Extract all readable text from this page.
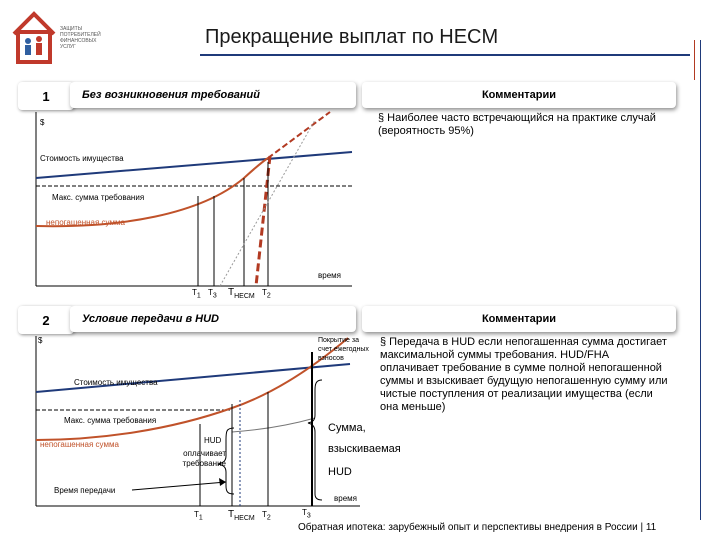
ЗАЩИТЫ
ПОТРЕБИТЕЛЕЙ
ФИНАНСОВЫХ
УСЛУГ	Прекращение выплат по HECM
1	Без возникновения требований	Комментарии
$
Стоимость имущества
Макс. сумма требования
непогашенная сумма
время
$T_1$ $T_3$ $T_{HECM}$ $T_2$
§ Наиболее часто встречающийся на практике случай (вероятность 95%)
2	Условие передачи в HUD	Комментарии
$
Стоимость имущества
Макс. сумма требования
непогашенная сумма	HUD
оплачивает требование
Покрытие за счет ежегодных взносов
Сумма,
взыскиваемая
HUD
Время передачи
время
$T_1$	$T_{HECM}$ $T_2$
$T_3$
§ Передача в HUD если непогашенная сумма достигает максимальной суммы требования. HUD/FHA оплачивает требование в сумме полной непогашенной суммы и взыскивает будущую непогашенную сумму или чистые поступления от реализации имущества (если она меньше)
Обратная ипотека: зарубежный опыт и перспективы внедрения в России | 11
